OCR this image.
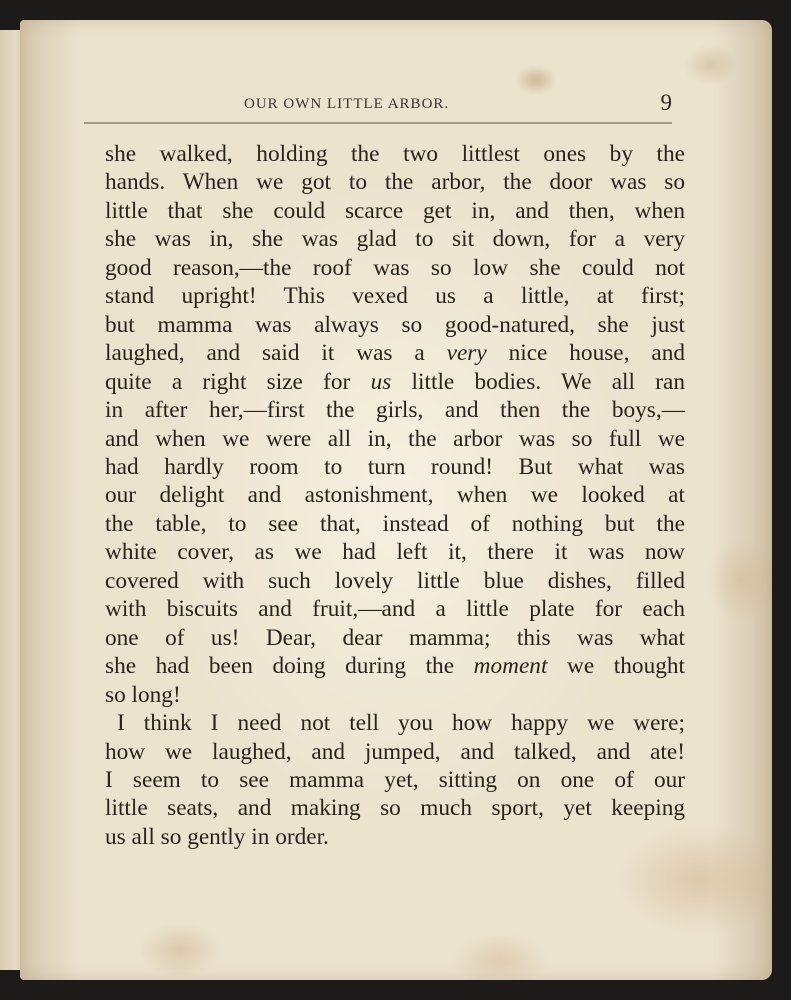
OUR OWN LITTLE ARBOR.	9
she walked, holding the two littlest ones by the
hands. When we got to the arbor, the door was so
little that she could scarce get in, and then, when
she was in, she was glad to sit down, for a very
good reason,—the roof was so low she could not
stand upright! This vexed us a little, at first;
but mamma was always so good-natured, she just
laughed, and said it was a very nice house, and
quite a right size for us little bodies. We all ran
in after her,—first the girls, and then the boys,—
and when we were all in, the arbor was so full we
had hardly room to turn round! But what was
our delight and astonishment, when we looked at
the table, to see that, instead of nothing but the
white cover, as we had left it, there it was now
covered with such lovely little blue dishes, filled
with biscuits and fruit,—and a little plate for each
one of us! Dear, dear mamma; this was what
she had been doing during the moment we thought
so long!
I think I need not tell you how happy we were;
how we laughed, and jumped, and talked, and ate!
I seem to see mamma yet, sitting on one of our
little seats, and making so much sport, yet keeping
us all so gently in order.
